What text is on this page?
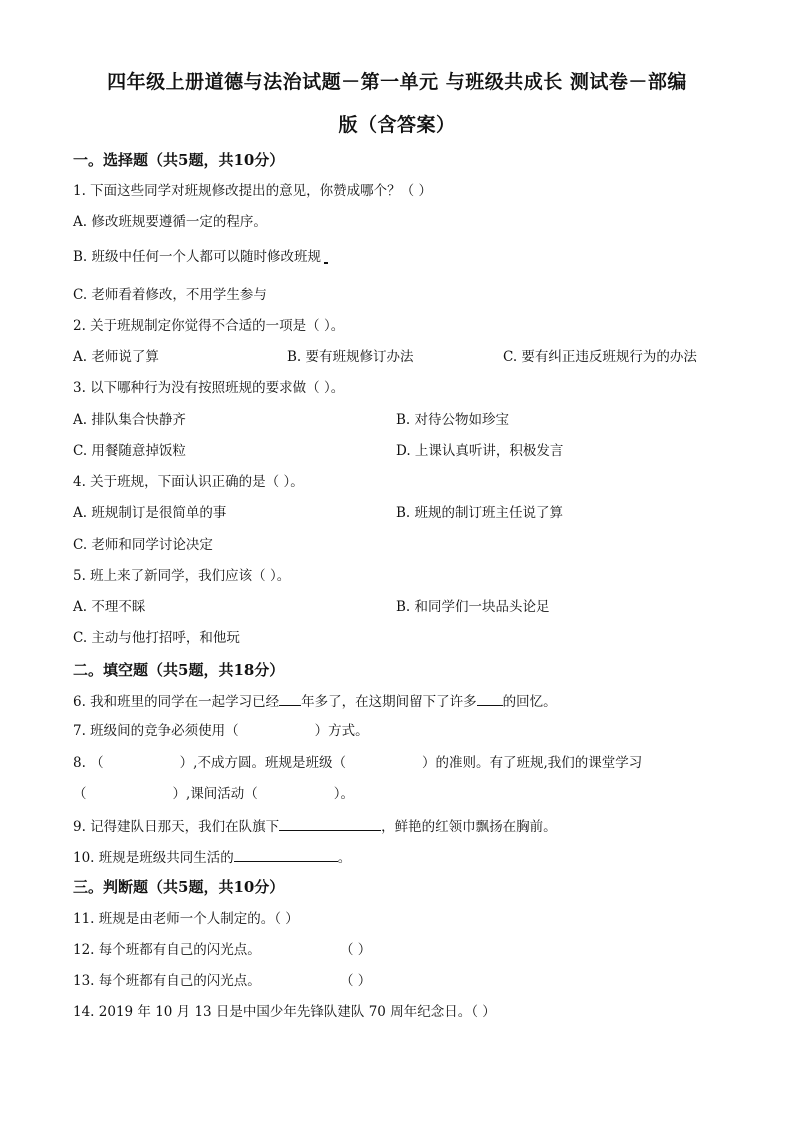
四年级上册道德与法治试题－第一单元 与班级共成长 测试卷－部编
版（含答案）
一。选择题（共5题，共10分）
1. 下面这些同学对班规修改提出的意见，你赞成哪个？（ ）
A. 修改班规要遵循一定的程序。
B. 班级中任何一个人都可以随时修改班规
C. 老师看着修改，不用学生参与
2. 关于班规制定你觉得不合适的一项是（ ）。
A. 老师说了算	B. 要有班规修订办法	C. 要有纠正违反班规行为的办法
3. 以下哪种行为没有按照班规的要求做（ ）。
A. 排队集合快静齐	B. 对待公物如珍宝
C. 用餐随意掉饭粒	D. 上课认真听讲，积极发言
4. 关于班规，下面认识正确的是（ ）。
A. 班规制订是很简单的事	B. 班规的制订班主任说了算
C. 老师和同学讨论决定
5. 班上来了新同学，我们应该（ ）。
A. 不理不睬	B. 和同学们一块品头论足
C. 主动与他打招呼，和他玩
二。填空题（共5题，共18分）
6. 我和班里的同学在一起学习已经 年多了，在这期间留下了许多 的回忆。
7. 班级间的竞争必须使用（	）方式。
8. （	）,不成方圆。班规是班级（	）的准则。有了班规,我们的课堂学习
（	）,课间活动（	）。
9. 记得建队日那天，我们在队旗下	，鲜艳的红领巾飘扬在胸前。
10. 班规是班级共同生活的	。
三。判断题（共5题，共10分）
11. 班规是由老师一个人制定的。（ ）
12. 每个班都有自己的闪光点。	（ ）
13. 每个班都有自己的闪光点。	（ ）
14. 2019 年 10 月 13 日是中国少年先锋队建队 70 周年纪念日。（ ）
